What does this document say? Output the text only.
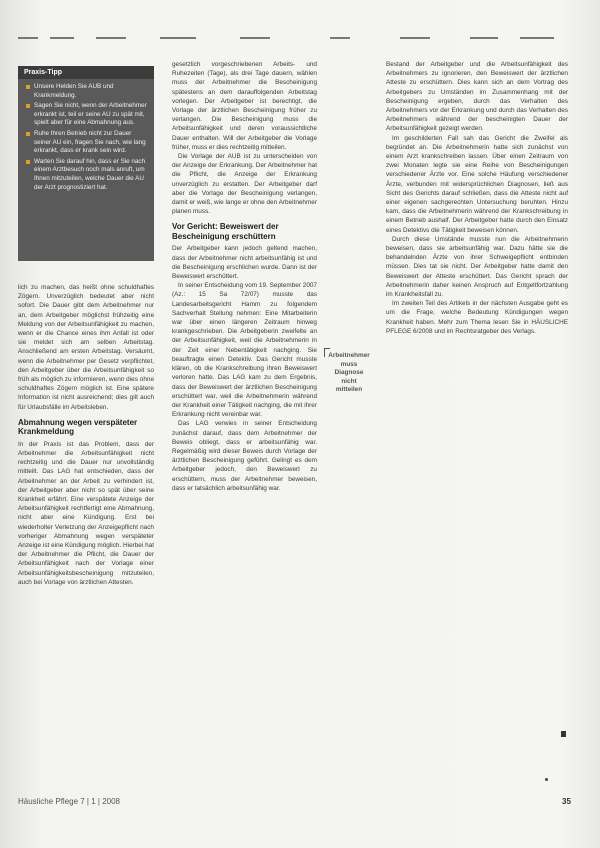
Praxis-Tipp
Unsere Helden Sie AUB und Krankmeldung.
Sagen Sie nicht, wenn der Arbeitnehmer erkrankt ist, teil er seine AU zu spät mit, spielt aber für eine Abmahnung aus.
Ruhe Ihren Betrieb nicht zur Dauer seiner AU ein, fragen Sie nach, wie lang erkrankt, dass er krank sein wird.
Warten Sie darauf hin, dass er Sie nach einem Arztbesuch noch mals anruft, um Ihnen mitzuteilen, welche Dauer die AU der Arzt prognostiziert hat.

lich zu machen, das heißt ohne schuldhaftes Zögern. Unverzüglich bedeutet aber nicht sofort. Die Dauer gibt dem Arbeitnehmer nur an, dem Arbeitgeber möglichst frühzeitig eine Meldung von der Arbeitsunfähigkeit zu machen, wenn er die Chance eines ihm Anfall ist oder sie meldet sich am selben Arbeitstag. Anschließend am ersten Arbeitstag. Versäumt, wenn die Arbeitnehmer per Gesetz verpflichtet, den Arbeitgeber über die Arbeitsunfähigkeit so früh als möglich zu informieren, wenn dies ohne schuldhaftes Zögern möglich ist. Eine spätere Information ist nicht ausreichend; dies gilt auch für Urlaubsfälle im Arbeitsleben.

Abmahnung wegen verspäteter Krankmeldung

In der Praxis ist das Problem, dass der Arbeitnehmer die Arbeitsunfähigkeit nicht rechtzeitig und die Dauer nur unvollständig mitteilt. Das LAG hat entschieden, dass der Arbeitnehmer an der Arbeit zu verhindert ist, der Arbeitgeber aber nicht so spät über seine Krankheit erfährt. Eine verspätete Anzeige der Arbeitsunfähigkeit rechtfertigt eine Abmahnung, nicht aber eine Kündigung. Erst bei wiederholter Verletzung der Anzeigepflicht nach vorheriger Abmahnung wegen verspäteter Anzeige ist eine Kündigung möglich. Hierbei hat der Arbeitnehmer die Pflicht, die Dauer der Arbeitsunfähigkeit nach der Vorlage einer Arbeitsunfähigkeitsbescheinigung mitzuteilen, auch bei Vorlage von ärztlichen Attesten.

gesetzlich vorgeschriebenen Arbeits- und Ruhezeiten (Tage), als drei Tage dauern, wählen muss der Arbeitnehmer die Bescheinigung spätestens an dem darauffolgenden Arbeitstag vorlegen. Der Arbeitgeber ist berechtigt, die Vorlage der ärztlichen Bescheinigung früher zu verlangen. Die Bescheinigung muss die Arbeitsunfähigkeit und deren voraussichtliche Dauer enthalten. Will der Arbeitgeber die Vorlage früher, muss er dies rechtzeitig mitteilen.

Die Vorlage der AUB ist zu unterscheiden von der Anzeige der Erkrankung. Der Arbeitnehmer hat die Pflicht, die Anzeige der Erkrankung unverzüglich zu erstatten. Der Arbeitgeber darf aber die Vorlage der Bescheinigung verlangen, damit er weiß, wie lange er ohne den Arbeitnehmer planen muss.

Vor Gericht: Beweiswert der Bescheinigung erschüttern

Der Arbeitgeber kann jedoch geltend machen, dass der Arbeitnehmer nicht arbeitsunfähig ist und die Bescheinigung erschlichen wurde. Dann ist der Beweiswert erschüttert.

In seiner Entscheidung vom 19. September 2007 (Az.: 15 Sa 72/07) musste das Landesarbeitsgericht Hamm zu folgendem Sachverhalt Stellung nehmen: Eine Mitarbeiterin war über einen längeren Zeitraum hinweg krankgeschrieben. Die Arbeitgeberin zweifelte an der Arbeitsunfähigkeit, weil die Arbeitnehmerin in der Zeit einer Nebentätigkeit nachging. Sie beauftragte einen Detektiv. Das Gericht musste klären, ob die Krankschreibung ihren Beweiswert verloren hatte. Das LAG kam zu dem Ergebnis, dass der Beweiswert der ärztlichen Bescheinigung erschüttert war, weil die Arbeitnehmerin während der Krankheit einer Tätigkeit nachging, die mit ihrer Erkrankung nicht vereinbar war.

Das LAG verwies in seiner Entscheidung zunächst darauf, dass dem Arbeitnehmer der Beweis obliegt, dass er arbeitsunfähig war. Regelmäßig wird dieser Beweis durch Vorlage der ärztlichen Bescheinigung geführt. Gelingt es dem Arbeitgeber jedoch, den Beweiswert zu erschüttern, muss der Arbeitnehmer beweisen, dass er tatsächlich arbeitsunfähig war.

Arbeitnehmer
muss
Diagnose
nicht
mitteilen

Bestand der Arbeitgeber und die Arbeitsunfähigkeit des Arbeitnehmers zu ignorieren, den Beweiswert der ärztlichen Atteste zu erschüttern. Dies kann sich an dem Vortrag des Arbeitgebers zu Umständen im Zusammenhang mit der Bescheinigung ergeben, durch das Verhalten des Arbeitnehmers vor der Erkrankung und durch das Verhalten des Arbeitnehmers während der bescheinigten Dauer der Arbeitsunfähigkeit gezeigt werden.

Im geschilderten Fall sah das Gericht die Zweifel als begründet an. Die Arbeitnehmerin hatte sich zunächst von einem Arzt krankschreiben lassen. Über einen Zeitraum von zwei Monaten legte sie eine Reihe von Bescheinigungen verschiedener Ärzte vor. Eine solche Häufung verschiedener Ärzte, verbunden mit widersprüchlichen Diagnosen, ließ aus Sicht des Gerichts darauf schließen, dass die Atteste nicht auf einer eigenen sachgerechten Untersuchung beruhten. Hinzu kam, dass die Arbeitnehmerin während der Krankschreibung in einem Betrieb aushalf. Der Arbeitgeber hatte durch den Einsatz eines Detektivs die Tätigkeit beweisen können.

Durch diese Umstände musste nun die Arbeitnehmerin beweisen, dass sie arbeitsunfähig war. Dazu hätte sie die behandelnden Ärzte von ihrer Schweigepflicht entbinden müssen. Dies tat sie nicht. Der Arbeitgeber hatte damit den Beweiswert der Atteste erschüttert. Das Gericht sprach der Arbeitnehmerin daher keinen Anspruch auf Entgeltfortzahlung im Krankheitsfall zu.

Im zweiten Teil des Artikels in der nächsten Ausgabe geht es um die Frage, welche Bedeutung Kündigungen wegen Krankheit haben. Mehr zum Thema lesen Sie in HÄUSLICHE PFLEGE 6/2008 und im Rechtsratgeber des Verlags.

Häusliche Pflege 7 | 1 | 2008	35
